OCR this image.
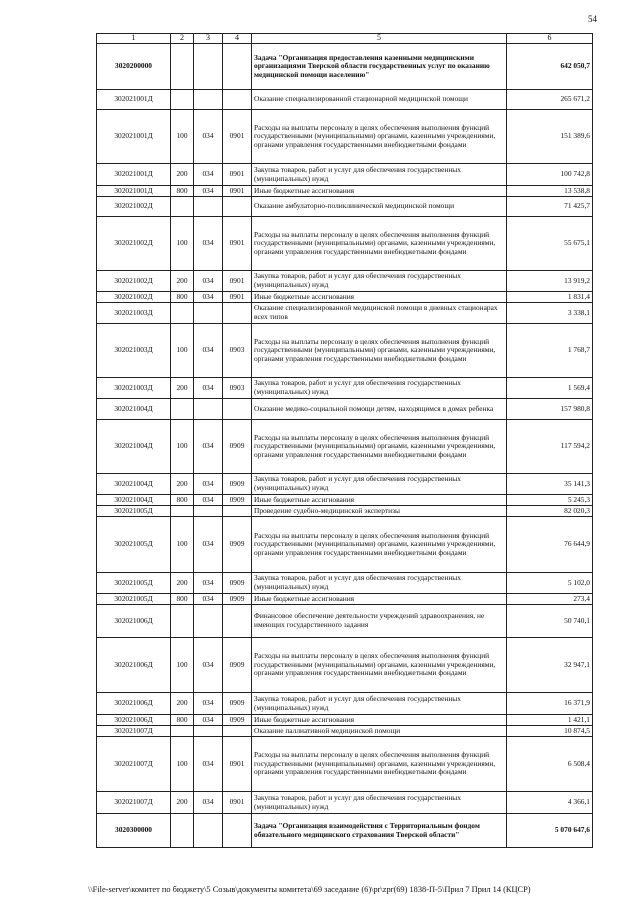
54
1	2	3	4	5	6
3020200000				Задача "Организация предоставления казенными медицинскими организациями Тверской области государственных услуг по оказанию медицинской помощи населению"	642 050,7
302021001Д				Оказание специализированной стационарной медицинской помощи	265 671,2
302021001Д	100	034	0901	Расходы на выплаты персоналу в целях обеспечения выполнения функций государственными (муниципальными) органами, казенными учреждениями, органами управления государственными внебюджетными фондами	151 389,6
302021001Д	200	034	0901	Закупка товаров, работ и услуг для обеспечения государственных (муниципальных) нужд	100 742,8
302021001Д	800	034	0901	Иные бюджетные ассигнования	13 538,8
302021002Д				Оказание амбулаторно-поликлинической медицинской помощи	71 425,7
302021002Д	100	034	0901	Расходы на выплаты персоналу в целях обеспечения выполнения функций государственными (муниципальными) органами, казенными учреждениями, органами управления государственными внебюджетными фондами	55 675,1
302021002Д	200	034	0901	Закупка товаров, работ и услуг для обеспечения государственных (муниципальных) нужд	13 919,2
302021002Д	800	034	0901	Иные бюджетные ассигнования	1 831,4
302021003Д				Оказание специализированной медицинской помощи в дневных стационарах всех типов	3 338,1
302021003Д	100	034	0903	Расходы на выплаты персоналу в целях обеспечения выполнения функций государственными (муниципальными) органами, казенными учреждениями, органами управления государственными внебюджетными фондами	1 768,7
302021003Д	200	034	0903	Закупка товаров, работ и услуг для обеспечения государственных (муниципальных) нужд	1 569,4
302021004Д				Оказание медико-социальной помощи детям, находящимся в домах ребенка	157 980,8
302021004Д	100	034	0909	Расходы на выплаты персоналу в целях обеспечения выполнения функций государственными (муниципальными) органами, казенными учреждениями, органами управления государственными внебюджетными фондами	117 594,2
302021004Д	200	034	0909	Закупка товаров, работ и услуг для обеспечения государственных (муниципальных) нужд	35 141,3
302021004Д	800	034	0909	Иные бюджетные ассигнования	5 245,3
302021005Д				Проведение судебно-медицинской экспертизы	82 020,3
302021005Д	100	034	0909	Расходы на выплаты персоналу в целях обеспечения выполнения функций государственными (муниципальными) органами, казенными учреждениями, органами управления государственными внебюджетными фондами	76 644,9
302021005Д	200	034	0909	Закупка товаров, работ и услуг для обеспечения государственных (муниципальных) нужд	5 102,0
302021005Д	800	034	0909	Иные бюджетные ассигнования	273,4
302021006Д				Финансовое обеспечение деятельности учреждений здравоохранения, не имеющих государственного задания	50 740,1
302021006Д	100	034	0909	Расходы на выплаты персоналу в целях обеспечения выполнения функций государственными (муниципальными) органами, казенными учреждениями, органами управления государственными внебюджетными фондами	32 947,1
302021006Д	200	034	0909	Закупка товаров, работ и услуг для обеспечения государственных (муниципальных) нужд	16 371,9
302021006Д	800	034	0909	Иные бюджетные ассигнования	1 421,1
302021007Д				Оказание паллиативной медицинской помощи	10 874,5
302021007Д	100	034	0901	Расходы на выплаты персоналу в целях обеспечения выполнения функций государственными (муниципальными) органами, казенными учреждениями, органами управления государственными внебюджетными фондами	6 508,4
302021007Д	200	034	0901	Закупка товаров, работ и услуг для обеспечения государственных (муниципальных) нужд	4 366,1
3020300000				Задача "Организация взаимодействия с Территориальным фондом обязательного медицинского страхования Тверской области"	5 070 647,6
\\File-server\комитет по бюджету\5 Созыв\документы комитета\69 заседание (6)\pr\zpr(69) 1838-П-5\Прил 7 Прил 14 (КЦСР)
